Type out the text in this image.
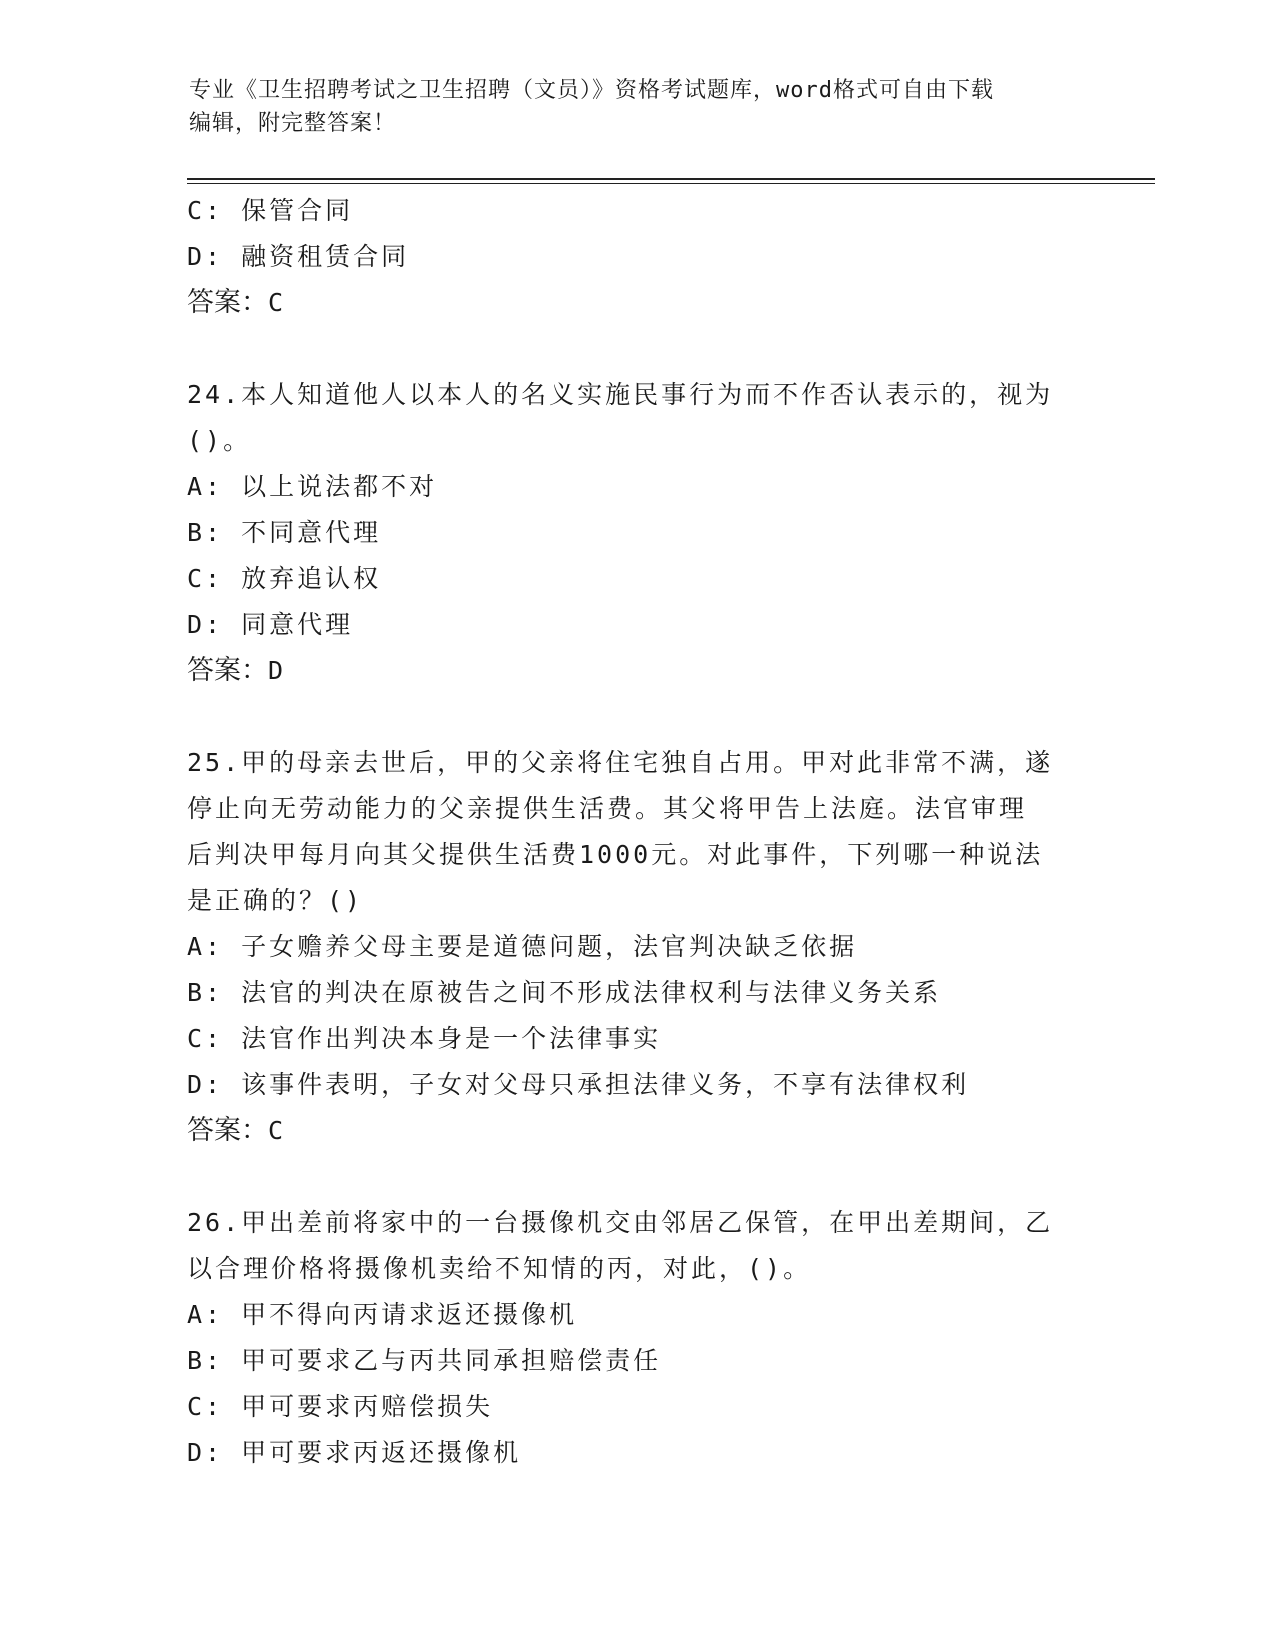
专业《卫生招聘考试之卫生招聘（文员）》资格考试题库，word格式可自由下载
编辑，附完整答案！
C: 保管合同
D: 融资租赁合同
答案：C
24.本人知道他人以本人的名义实施民事行为而不作否认表示的，视为
()。
A: 以上说法都不对
B: 不同意代理
C: 放弃追认权
D: 同意代理
答案：D
25.甲的母亲去世后，甲的父亲将住宅独自占用。甲对此非常不满，遂
停止向无劳动能力的父亲提供生活费。其父将甲告上法庭。法官审理
后判决甲每月向其父提供生活费1000元。对此事件，下列哪一种说法
是正确的？()
A: 子女赡养父母主要是道德问题，法官判决缺乏依据
B: 法官的判决在原被告之间不形成法律权利与法律义务关系
C: 法官作出判决本身是一个法律事实
D: 该事件表明，子女对父母只承担法律义务，不享有法律权利
答案：C
26.甲出差前将家中的一台摄像机交由邻居乙保管，在甲出差期间，乙
以合理价格将摄像机卖给不知情的丙，对此，()。
A: 甲不得向丙请求返还摄像机
B: 甲可要求乙与丙共同承担赔偿责任
C: 甲可要求丙赔偿损失
D: 甲可要求丙返还摄像机
